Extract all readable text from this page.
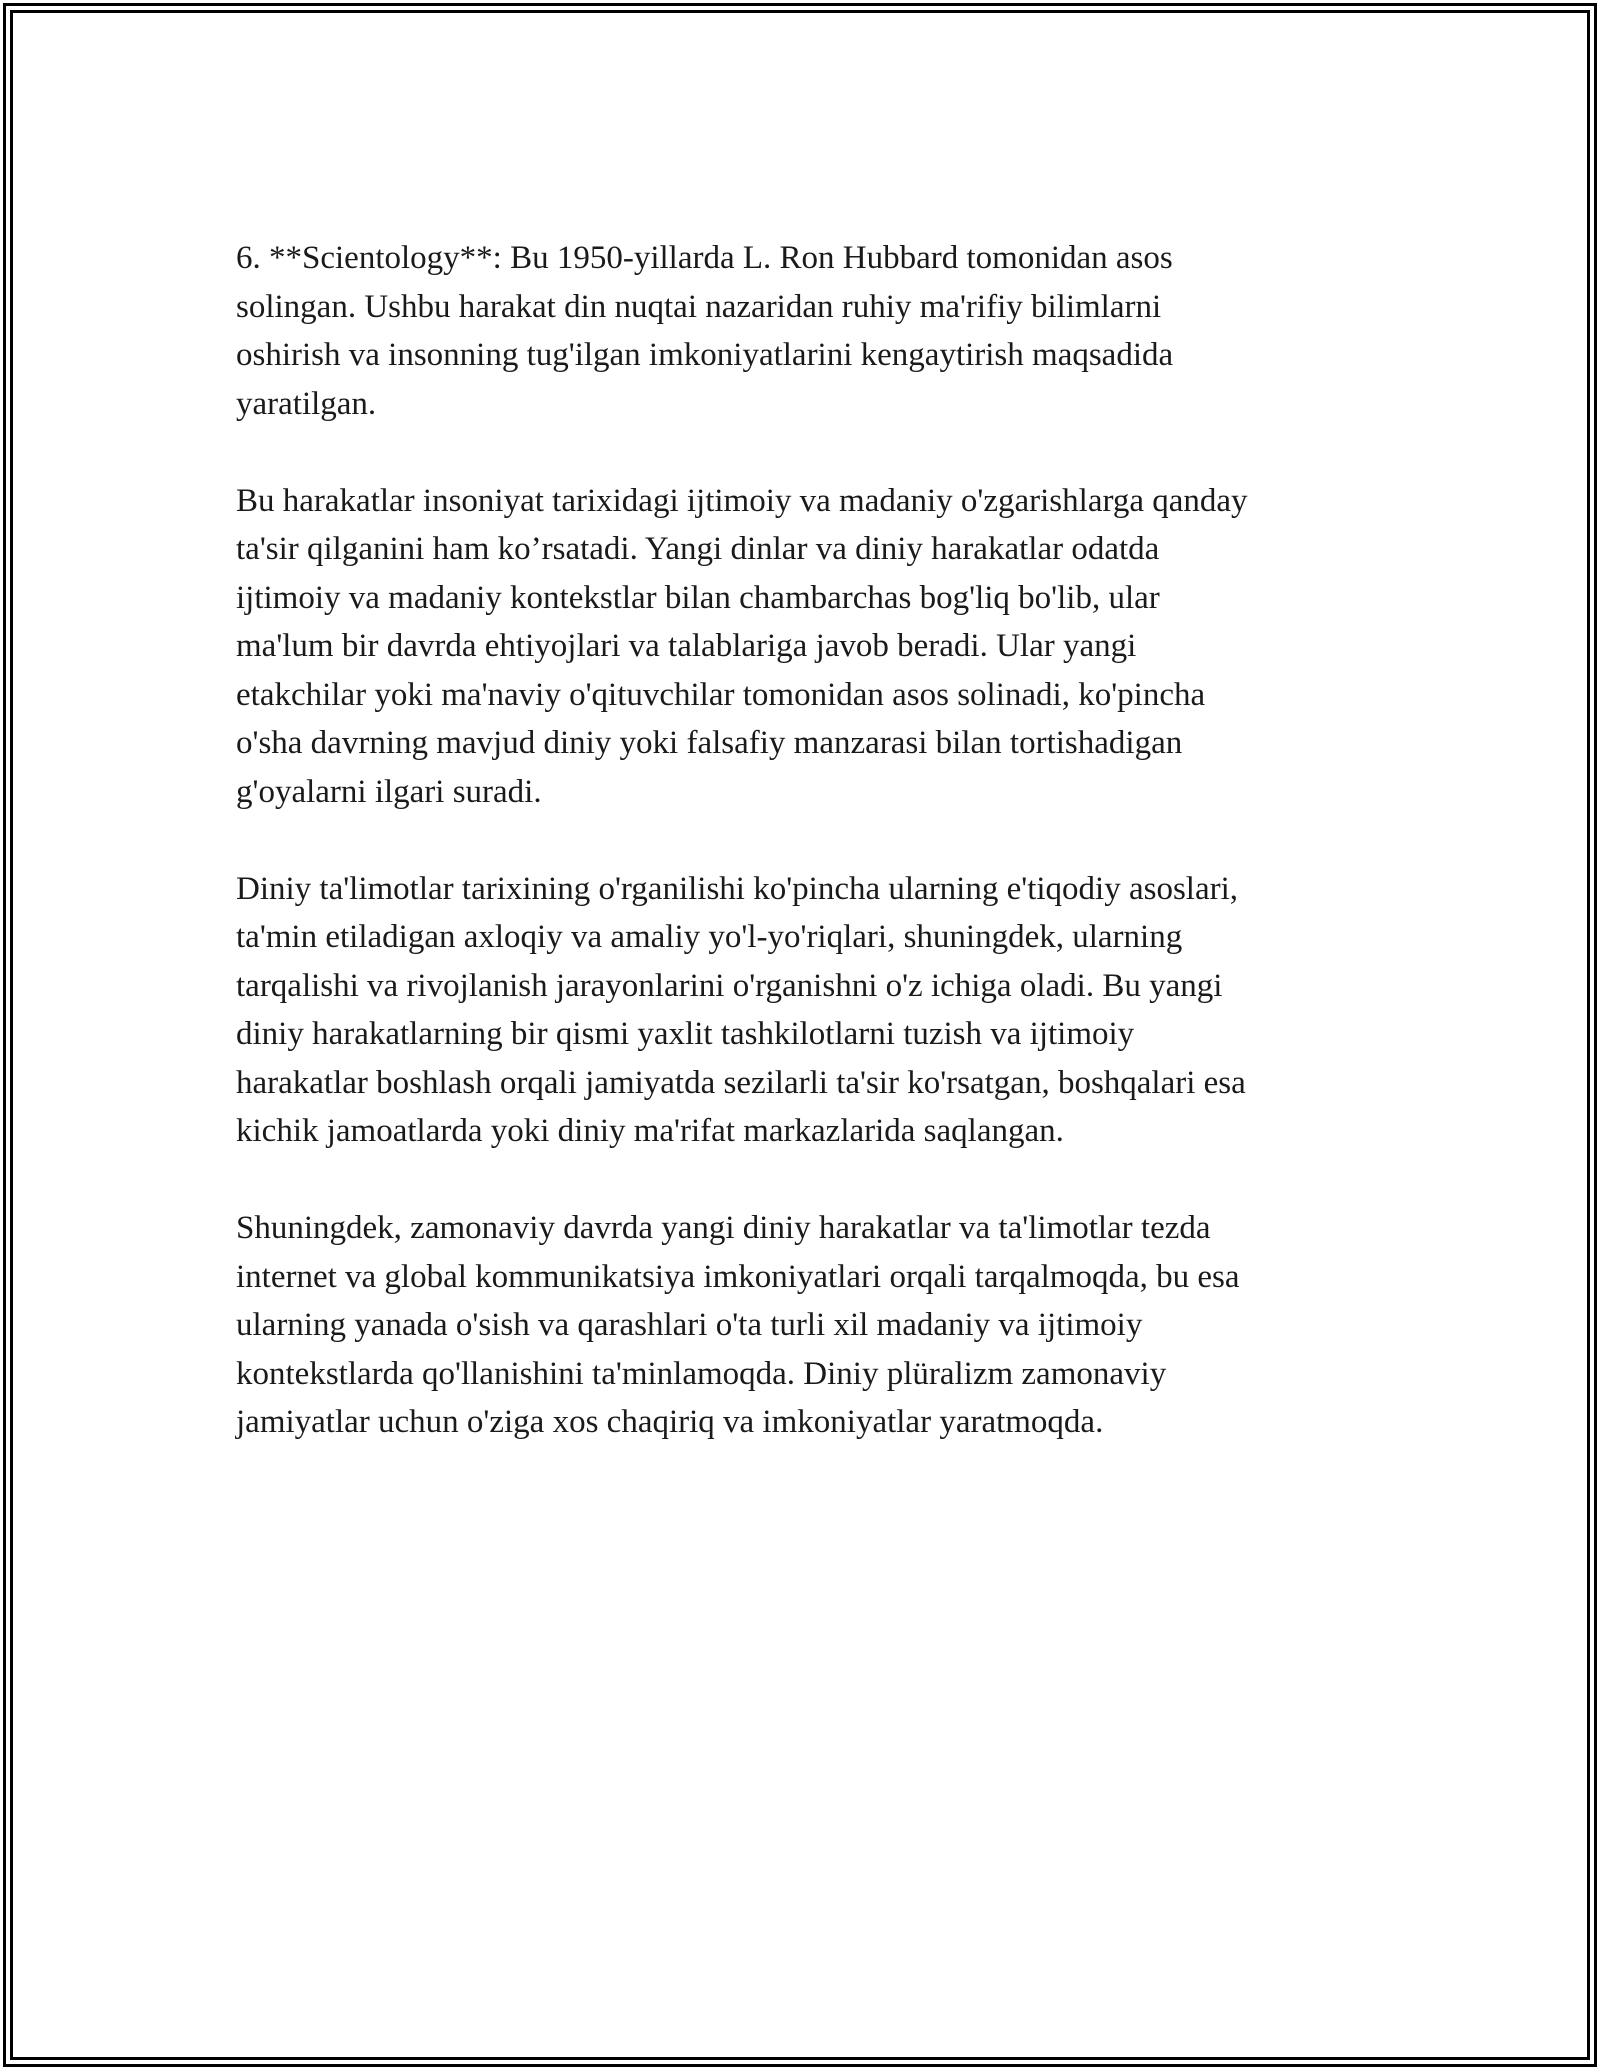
6. **Scientology**: Bu 1950-yillarda L. Ron Hubbard tomonidan asos
solingan. Ushbu harakat din nuqtai nazaridan ruhiy ma'rifiy bilimlarni
oshirish va insonning tug'ilgan imkoniyatlarini kengaytirish maqsadida
yaratilgan.

Bu harakatlar insoniyat tarixidagi ijtimoiy va madaniy o'zgarishlarga qanday
ta'sir qilganini ham ko’rsatadi. Yangi dinlar va diniy harakatlar odatda
ijtimoiy va madaniy kontekstlar bilan chambarchas bog'liq bo'lib, ular
ma'lum bir davrda ehtiyojlari va talablariga javob beradi. Ular yangi
etakchilar yoki ma'naviy o'qituvchilar tomonidan asos solinadi, ko'pincha
o'sha davrning mavjud diniy yoki falsafiy manzarasi bilan tortishadigan
g'oyalarni ilgari suradi.

Diniy ta'limotlar tarixining o'rganilishi ko'pincha ularning e'tiqodiy asoslari,
ta'min etiladigan axloqiy va amaliy yo'l-yo'riqlari, shuningdek, ularning
tarqalishi va rivojlanish jarayonlarini o'rganishni o'z ichiga oladi. Bu yangi
diniy harakatlarning bir qismi yaxlit tashkilotlarni tuzish va ijtimoiy
harakatlar boshlash orqali jamiyatda sezilarli ta'sir ko'rsatgan, boshqalari esa
kichik jamoatlarda yoki diniy ma'rifat markazlarida saqlangan.

Shuningdek, zamonaviy davrda yangi diniy harakatlar va ta'limotlar tezda
internet va global kommunikatsiya imkoniyatlari orqali tarqalmoqda, bu esa
ularning yanada o'sish va qarashlari o'ta turli xil madaniy va ijtimoiy
kontekstlarda qo'llanishini ta'minlamoqda. Diniy plüralizm zamonaviy
jamiyatlar uchun o'ziga xos chaqiriq va imkoniyatlar yaratmoqda.
